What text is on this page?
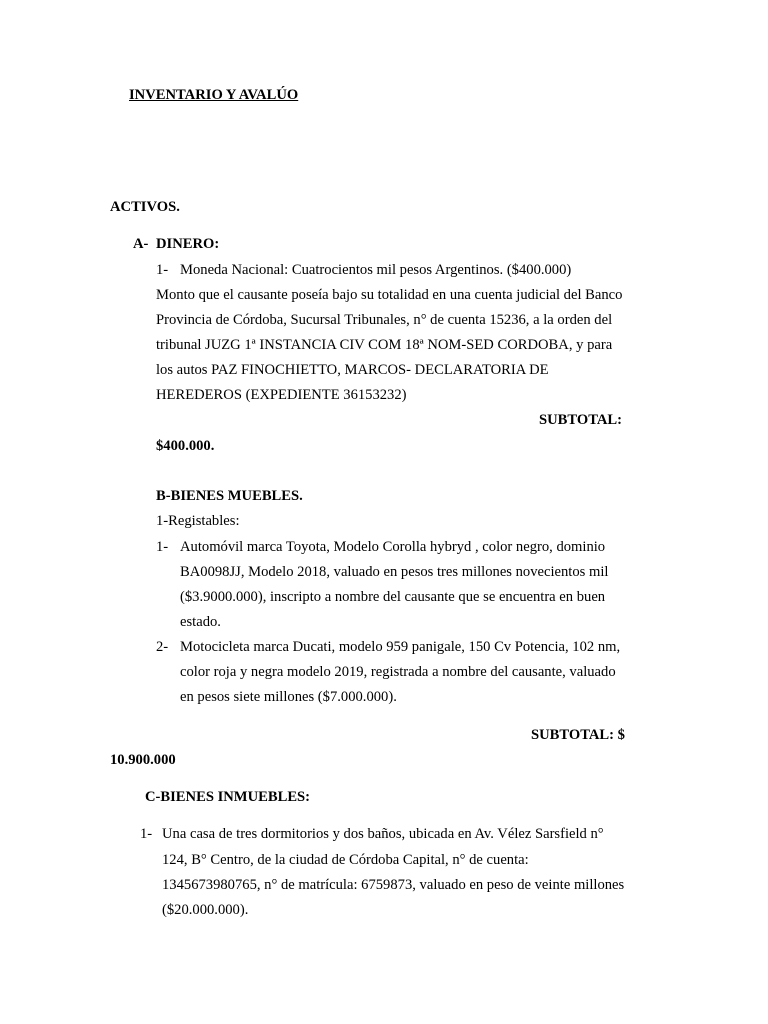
INVENTARIO Y AVALÚO
ACTIVOS.
A- DINERO:
1- Moneda Nacional: Cuatrocientos mil pesos Argentinos. ($400.000)
Monto que el causante poseía bajo su totalidad en una cuenta judicial del Banco
Provincia de Córdoba, Sucursal Tribunales, n° de cuenta 15236, a la orden del
tribunal JUZG 1ª INSTANCIA CIV COM 18ª NOM-SED CORDOBA, y para
los autos PAZ FINOCHIETTO, MARCOS- DECLARATORIA DE
HEREDEROS (EXPEDIENTE 36153232)
SUBTOTAL:
$400.000.
B-BIENES MUEBLES.
1-Registables:
1- Automóvil marca Toyota, Modelo Corolla hybryd , color negro, dominio
BA0098JJ, Modelo 2018, valuado en pesos tres millones novecientos mil
($3.9000.000), inscripto a nombre del causante que se encuentra en buen
estado.
2- Motocicleta marca Ducati, modelo 959 panigale, 150 Cv Potencia, 102 nm,
color roja y negra modelo 2019, registrada a nombre del causante, valuado
en pesos siete millones ($7.000.000).
SUBTOTAL: $
10.900.000
C-BIENES INMUEBLES:
1- Una casa de tres dormitorios y dos baños, ubicada en Av. Vélez Sarsfield n°
124, B° Centro, de la ciudad de Córdoba Capital, n° de cuenta:
1345673980765, n° de matrícula: 6759873, valuado en peso de veinte millones
($20.000.000).
